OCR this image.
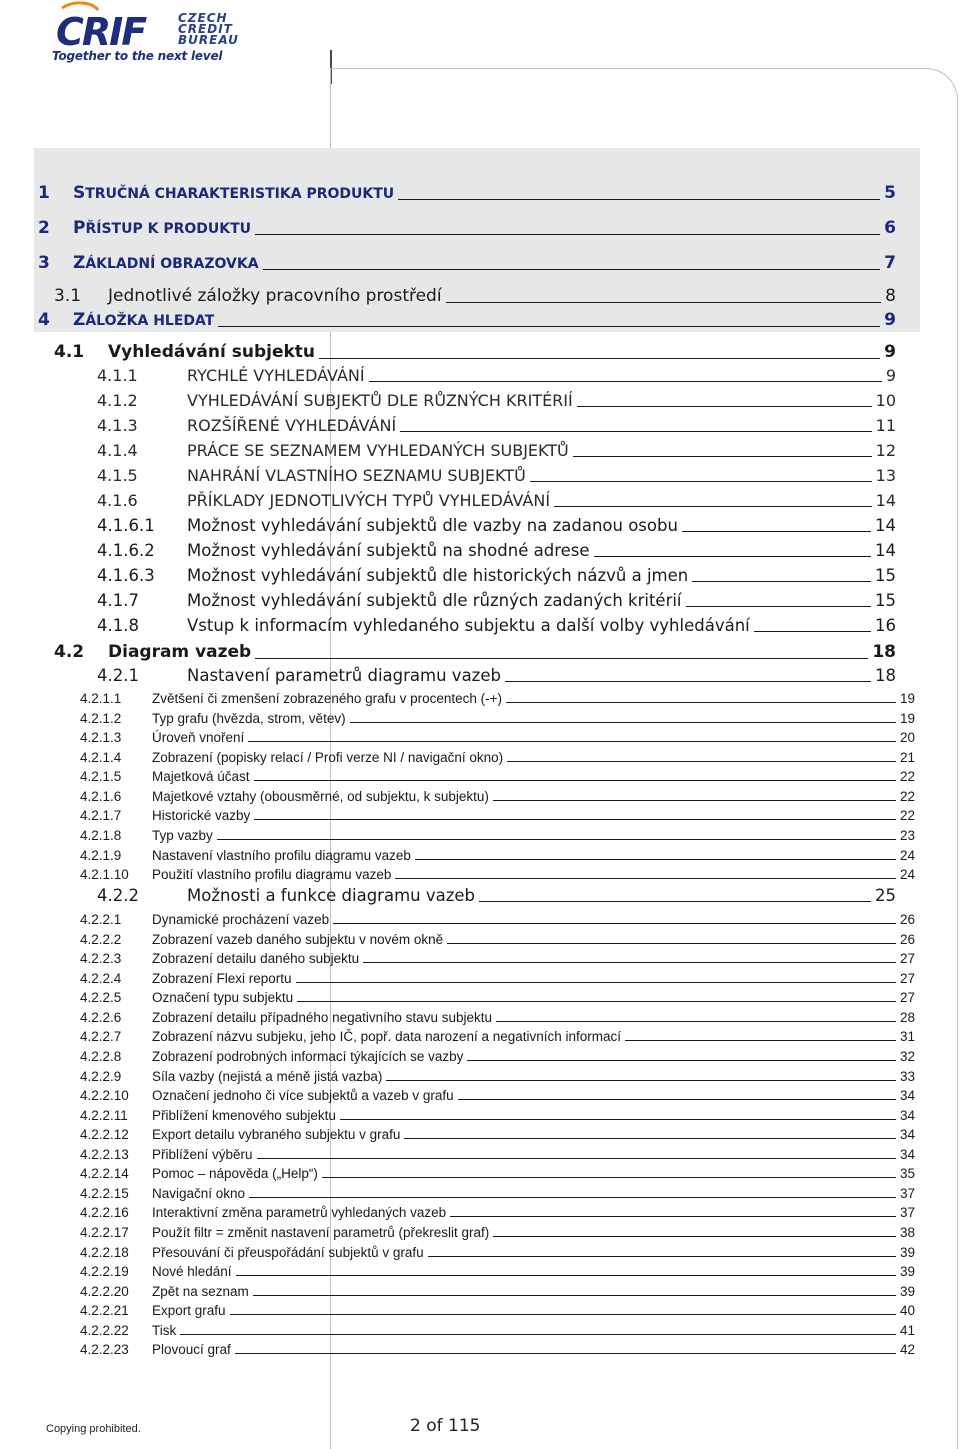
CRIF	CZECH
CREDIT
BUREAU
Together to the next level
1	STRUČNÁ CHARAKTERISTIKA PRODUKTU	5
2	PŘÍSTUP K PRODUKTU	6
3	ZÁKLADNÍ OBRAZOVKA	7
3.1	Jednotlivé záložky pracovního prostředí	8
4	ZÁLOŽKA HLEDAT	9
4.1	Vyhledávání subjektu	9
4.1.1	RYCHLÉ VYHLEDÁVÁNÍ	9
4.1.2	VYHLEDÁVÁNÍ SUBJEKTŮ DLE RŮZNÝCH KRITÉRIÍ	10
4.1.3	ROZŠÍŘENÉ VYHLEDÁVÁNÍ	11
4.1.4	PRÁCE SE SEZNAMEM VYHLEDANÝCH SUBJEKTŮ	12
4.1.5	NAHRÁNÍ VLASTNÍHO SEZNAMU SUBJEKTŮ	13
4.1.6	PŘÍKLADY JEDNOTLIVÝCH TYPŮ VYHLEDÁVÁNÍ	14
4.1.6.1	Možnost vyhledávání subjektů dle vazby na zadanou osobu	14
4.1.6.2	Možnost vyhledávání subjektů na shodné adrese	14
4.1.6.3	Možnost vyhledávání subjektů dle historických názvů a jmen	15
4.1.7	Možnost vyhledávání subjektů dle různých zadaných kritérií	15
4.1.8	Vstup k informacím vyhledaného subjektu a další volby vyhledávání	16
4.2	Diagram vazeb	18
4.2.1	Nastavení parametrů diagramu vazeb	18
4.2.1.1	Zvětšení či zmenšení zobrazeného grafu v procentech (-+)	19
4.2.1.2	Typ grafu (hvězda, strom, větev)	19
4.2.1.3	Úroveň vnoření	20
4.2.1.4	Zobrazení (popisky relací / Profi verze NI / navigační okno)	21
4.2.1.5	Majetková účast	22
4.2.1.6	Majetkové vztahy (obousměrné, od subjektu, k subjektu)	22
4.2.1.7	Historické vazby	22
4.2.1.8	Typ vazby	23
4.2.1.9	Nastavení vlastního profilu diagramu vazeb	24
4.2.1.10	Použití vlastního profilu diagramu vazeb	24
4.2.2	Možnosti a funkce diagramu vazeb	25
4.2.2.1	Dynamické procházení vazeb	26
4.2.2.2	Zobrazení vazeb daného subjektu v novém okně	26
4.2.2.3	Zobrazení detailu daného subjektu	27
4.2.2.4	Zobrazení Flexi reportu	27
4.2.2.5	Označení typu subjektu	27
4.2.2.6	Zobrazení detailu případného negativního stavu subjektu	28
4.2.2.7	Zobrazení názvu subjeku, jeho IČ, popř. data narození a negativních informací	31
4.2.2.8	Zobrazení podrobných informací týkajících se vazby	32
4.2.2.9	Síla vazby (nejistá a méně jistá vazba)	33
4.2.2.10	Označení jednoho či více subjektů a vazeb v grafu	34
4.2.2.11	Přiblížení kmenového subjektu	34
4.2.2.12	Export detailu vybraného subjektu v grafu	34
4.2.2.13	Přiblížení výběru	34
4.2.2.14	Pomoc – nápověda („Help“)	35
4.2.2.15	Navigační okno	37
4.2.2.16	Interaktivní změna parametrů vyhledaných vazeb	37
4.2.2.17	Použít filtr = změnit nastavení parametrů (překreslit graf)	38
4.2.2.18	Přesouvání či přeuspořádání subjektů v grafu	39
4.2.2.19	Nové hledání	39
4.2.2.20	Zpět na seznam	39
4.2.2.21	Export grafu	40
4.2.2.22	Tisk	41
4.2.2.23	Plovoucí graf	42
Copying prohibited.	2 of 115
